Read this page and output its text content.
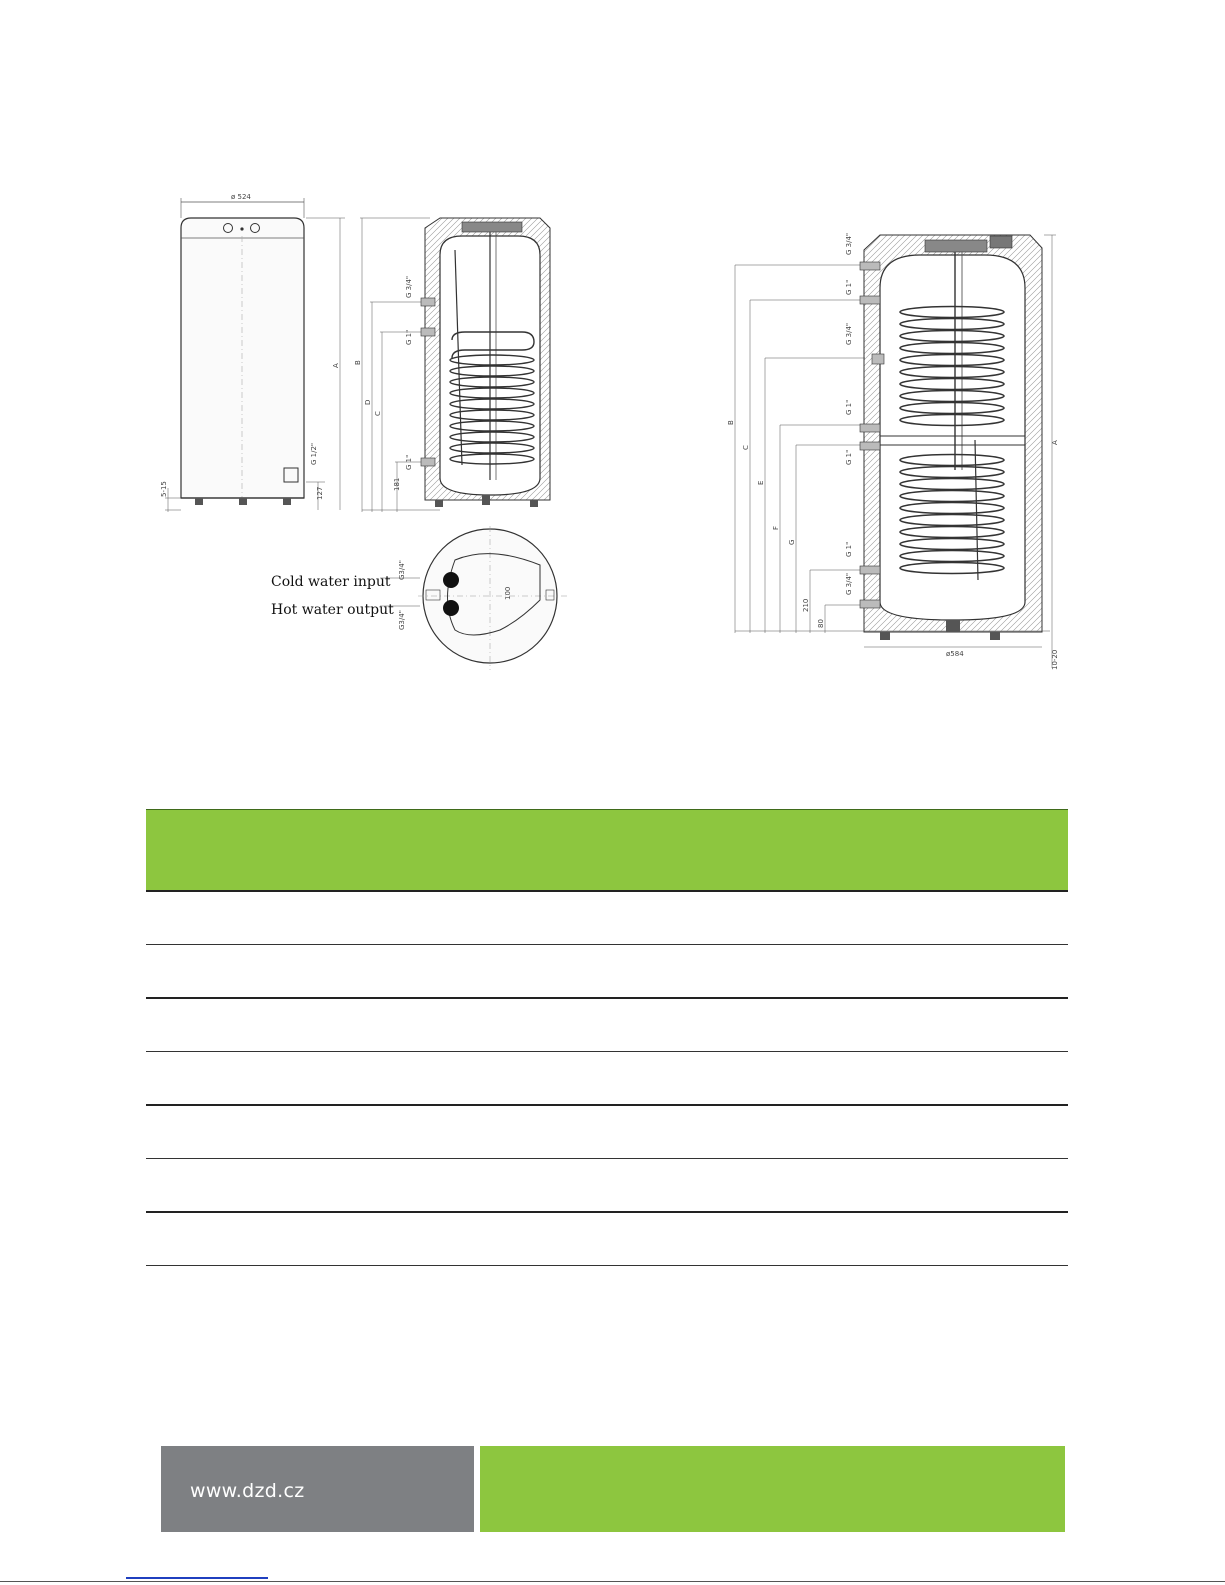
ø 524
5-15	127
A
B
D
C
181
G 3/4"
G 1"
G 1"
G 1/2"
G3/4"
G3/4"
100
B
C
E
F
G
210
80
G 3/4"
G 1"
G 3/4"
G 1"
G 1"
G 1"
G 3/4"
ø584
A
10-20
Cold water input
Hot water output

www.dzd.cz
